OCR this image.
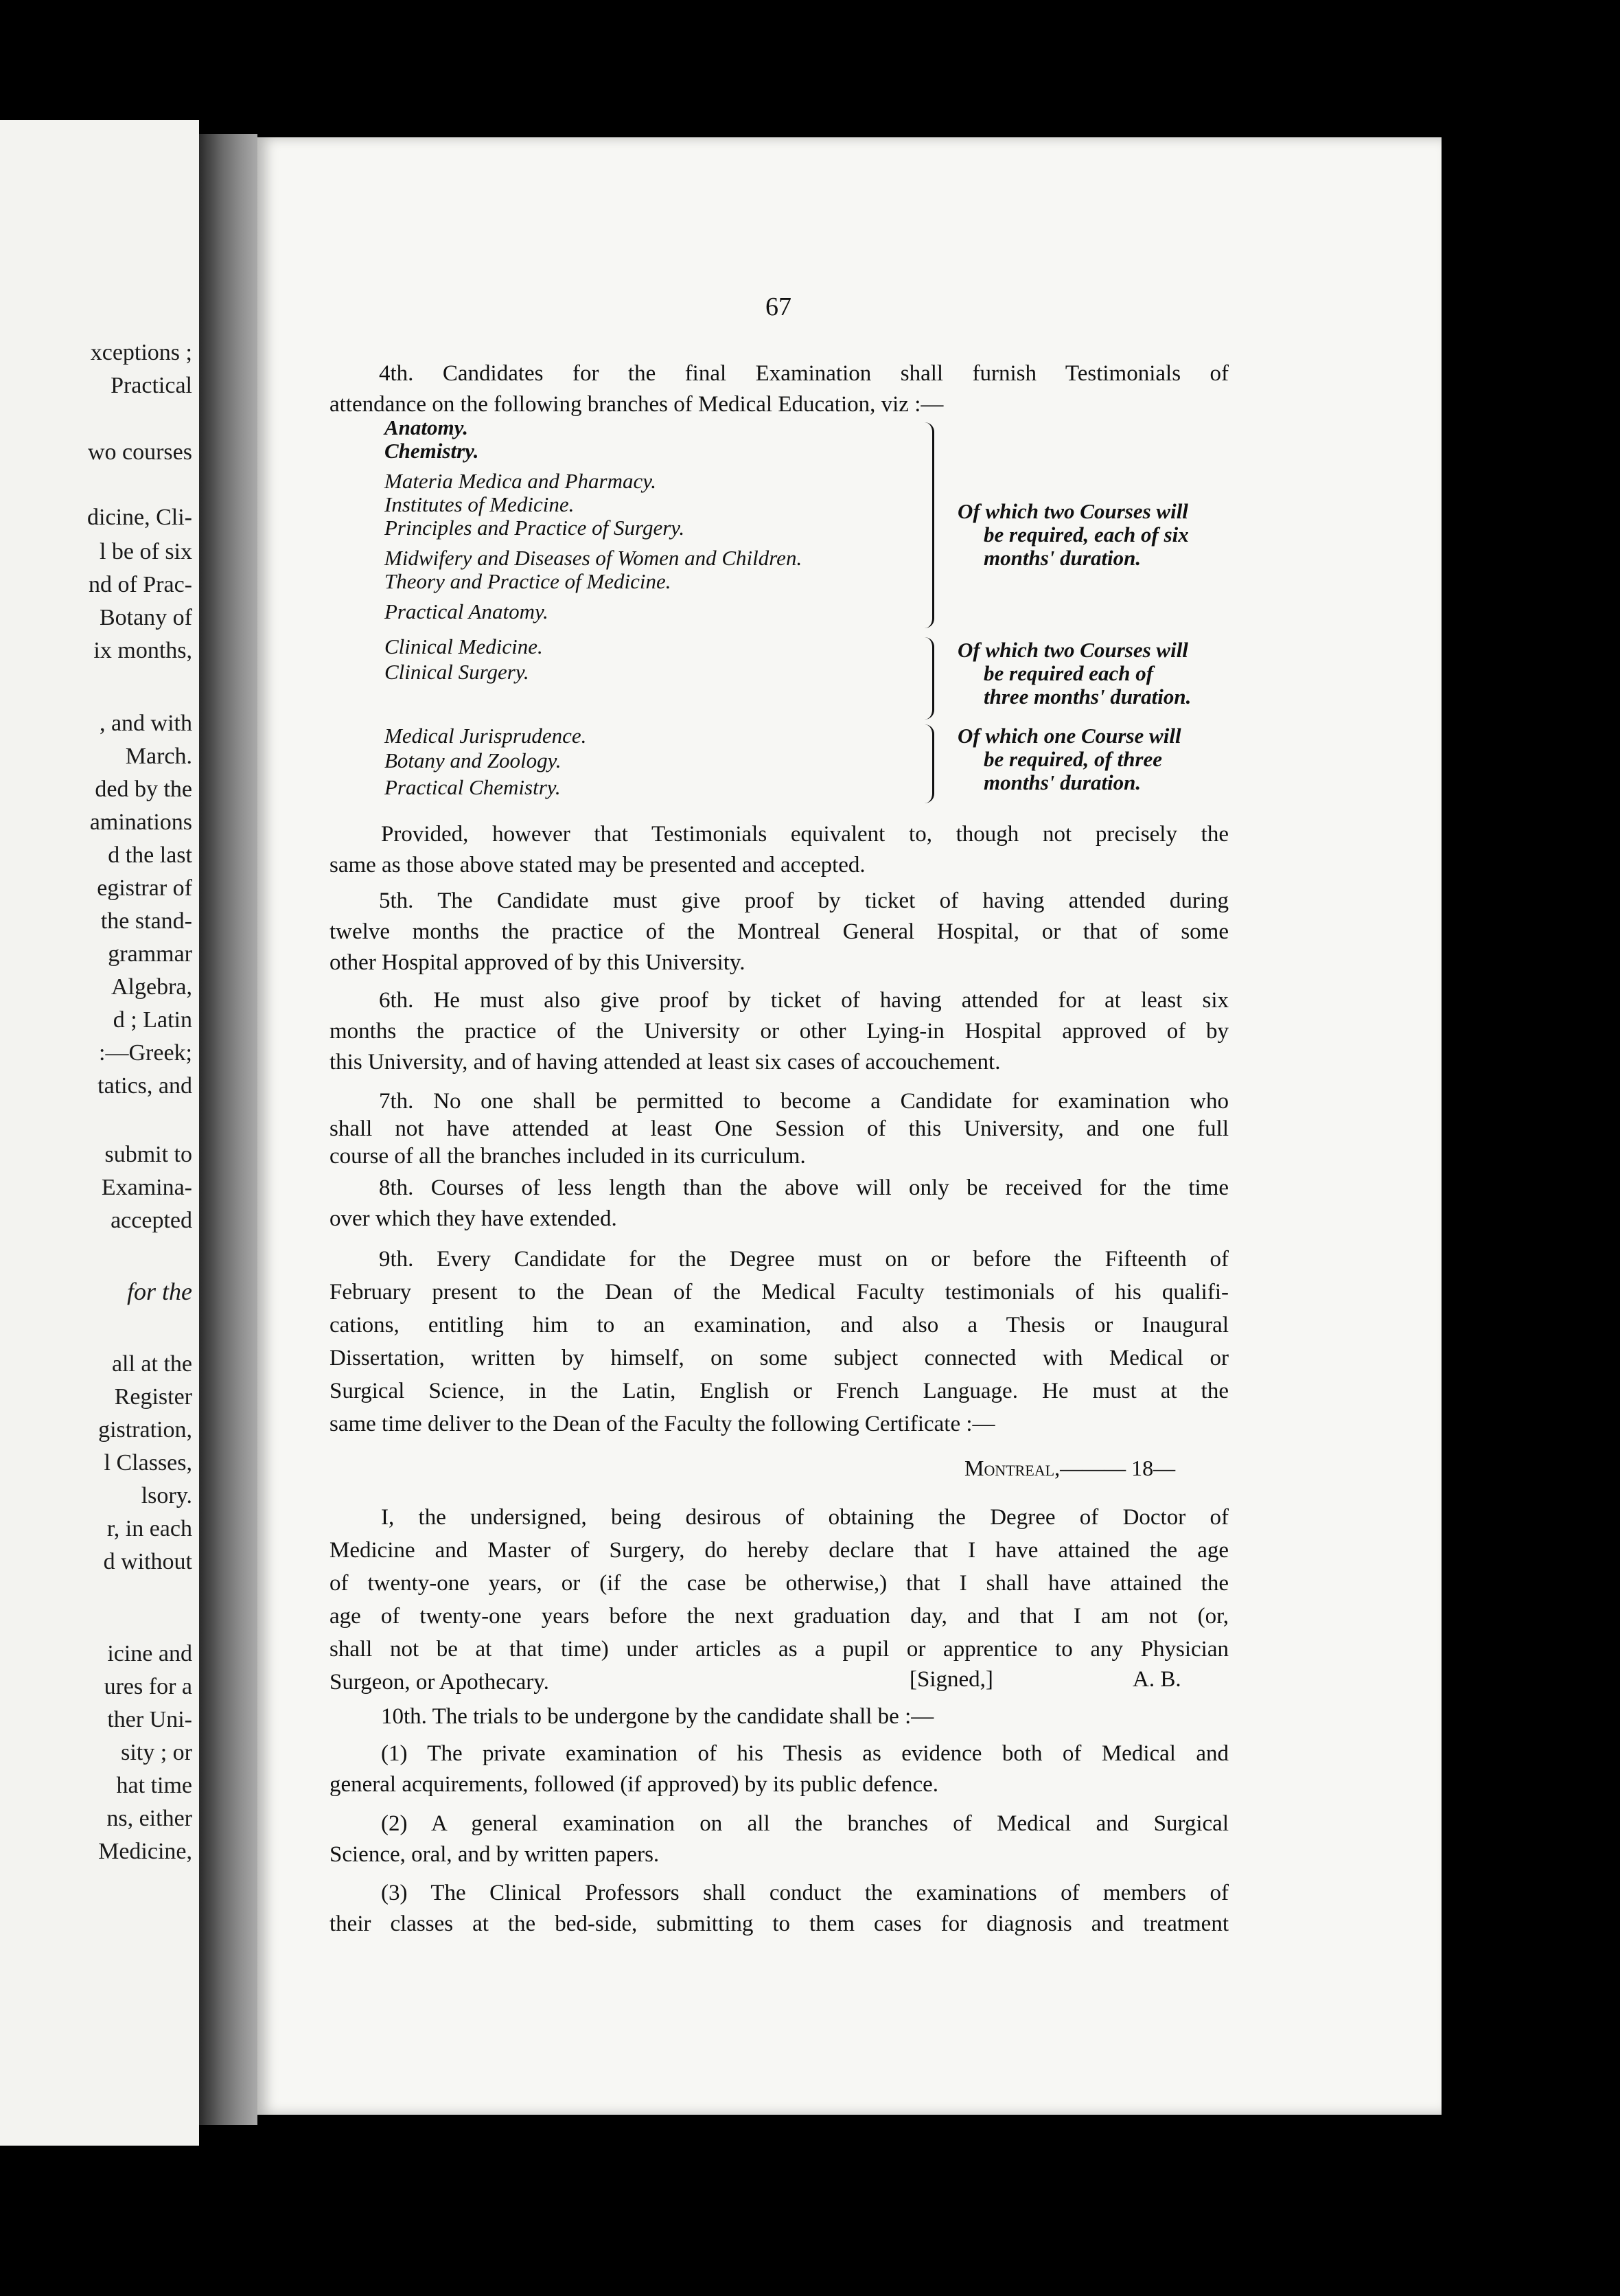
xceptions ;
Practical
wo courses
dicine, Cli-
l be of six
nd of Prac-
Botany of
ix months,
, and with
March.
ded by the
aminations
d the last
egistrar of
the stand-
grammar
Algebra,
d ; Latin
:—Greek;
tatics, and
submit to
Examina-
accepted
for the
all at the
Register
gistration,
l Classes,
lsory.
r, in each
d without
icine and
ures for a
ther Uni-
sity ; or
hat time
ns, either
Medicine,
67
4th. Candidates for the final Examination shall furnish Testimonials of
attendance on the following branches of Medical Education, viz :—
Anatomy.
Chemistry.
Materia Medica and Pharmacy.
Institutes of Medicine.
Principles and Practice of Surgery.
Midwifery and Diseases of Women and Children.
Theory and Practice of Medicine.
Practical Anatomy.
Of which two Courses will
be required, each of six
months' duration.
Clinical Medicine.
Clinical Surgery.
Of which two Courses will
be required each of
three months' duration.
Medical Jurisprudence.
Botany and Zoology.
Practical Chemistry.
Of which one Course will
be required, of three
months' duration.
Provided, however that Testimonials equivalent to, though not precisely the
same as those above stated may be presented and accepted.
5th. The Candidate must give proof by ticket of having attended during
twelve months the practice of the Montreal General Hospital, or that of some
other Hospital approved of by this University.
6th. He must also give proof by ticket of having attended for at least six
months the practice of the University or other Lying-in Hospital approved of by
this University, and of having attended at least six cases of accouchement.
7th. No one shall be permitted to become a Candidate for examination who
shall not have attended at least One Session of this University, and one full
course of all the branches included in its curriculum.
8th. Courses of less length than the above will only be received for the time
over which they have extended.
9th. Every Candidate for the Degree must on or before the Fifteenth of
February present to the Dean of the Medical Faculty testimonials of his qualifi-
cations, entitling him to an examination, and also a Thesis or Inaugural
Dissertation, written by himself, on some subject connected with Medical or
Surgical Science, in the Latin, English or French Language. He must at the
same time deliver to the Dean of the Faculty the following Certificate :—
Montreal,——— 18—
I, the undersigned, being desirous of obtaining the Degree of Doctor of
Medicine and Master of Surgery, do hereby declare that I have attained the age
of twenty-one years, or (if the case be otherwise,) that I shall have attained the
age of twenty-one years before the next graduation day, and that I am not (or,
shall not be at that time) under articles as a pupil or apprentice to any Physician
Surgeon, or Apothecary.	[Signed,]	A. B.
10th. The trials to be undergone by the candidate shall be :—
(1) The private examination of his Thesis as evidence both of Medical and
general acquirements, followed (if approved) by its public defence.
(2) A general examination on all the branches of Medical and Surgical
Science, oral, and by written papers.
(3) The Clinical Professors shall conduct the examinations of members of
their classes at the bed-side, submitting to them cases for diagnosis and treatment
